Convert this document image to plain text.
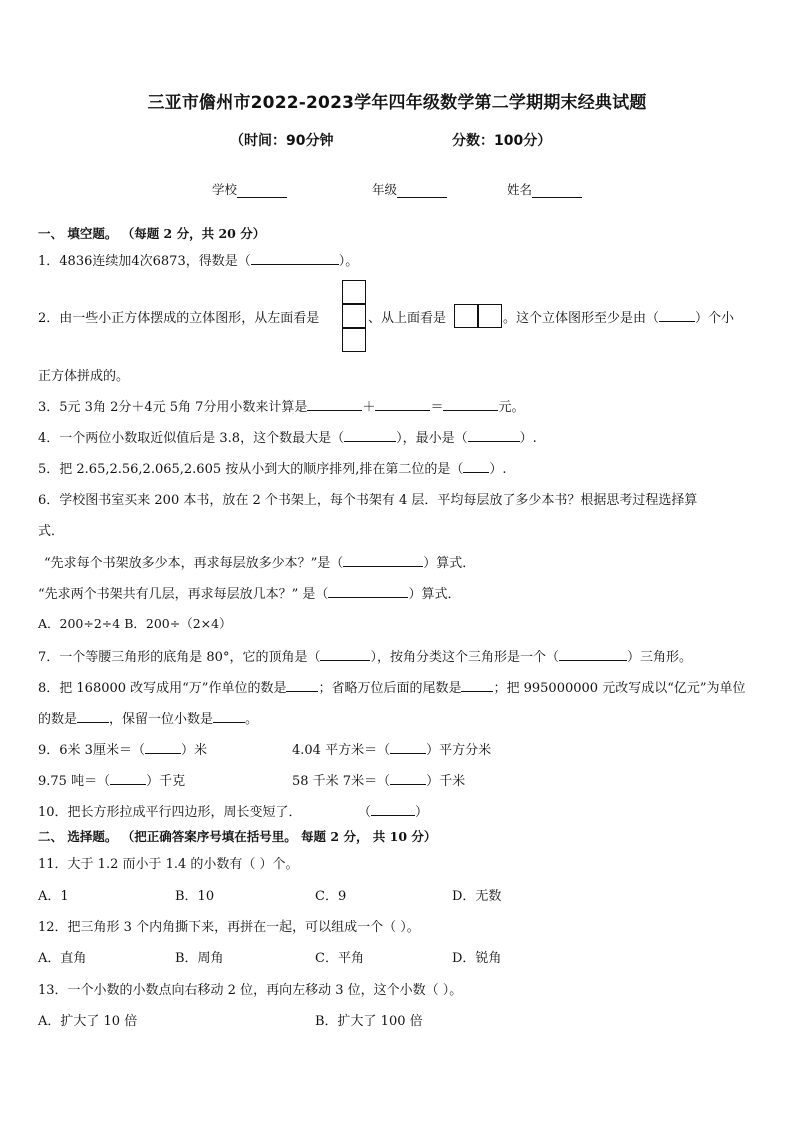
三亚市儋州市2022-2023学年四年级数学第二学期期末经典试题
（时间：90分钟	分数：100分）
学校	年级	姓名
一、 填空题。 （每题 2 分，共 20 分）
1．4836连续加4次6873，得数是（	）。
2．由一些小正方体摆成的立体图形，从左面看是	、从上面看是	。这个立体图形至少是由（	）个小
正方体拼成的。
3．5元 3角 2分＋4元 5角 7分用小数来计算是	＋	＝	元。
4．一个两位小数取近似值后是 3.8，这个数最大是（	），最小是（	）.
5．把 2.65,2.56,2.065,2.605 按从小到大的顺序排列,排在第二位的是（ ）.
6．学校图书室买来 200 本书，放在 2 个书架上，每个书架有 4 层．平均每层放了多少本书？根据思考过程选择算
式．
“先求每个书架放多少本，再求每层放多少本？”是（	）算式．
“先求两个书架共有几层，再求每层放几本？” 是（	）算式．
A．200÷2÷4 B．200÷（2×4）
7．一个等腰三角形的底角是 80°，它的顶角是（	），按角分类这个三角形是一个（	）三角形。
8．把 168000 改写成用“万”作单位的数是 ；省略万位后面的尾数是 ；把 995000000 元改写成以“亿元”为单位
的数是 ，保留一位小数是 。
9．6米 3厘米＝（	）米	4.04 平方米＝（	）平方分米
9.75 吨＝（	）千克	58 千米 7米＝（	）千米
10．把长方形拉成平行四边形，周长变短了．	（	）
二、 选择题。 （把正确答案序号填在括号里。 每题 2 分， 共 10 分）
11．大于 1.2 而小于 1.4 的小数有（ ）个。
A．1	B．10	C．9	D．无数
12．把三角形 3 个内角撕下来，再拼在一起，可以组成一个（ ）。
A．直角	B．周角	C．平角	D．锐角
13．一个小数的小数点向右移动 2 位，再向左移动 3 位，这个小数（ ）。
A．扩大了 10 倍	B．扩大了 100 倍
